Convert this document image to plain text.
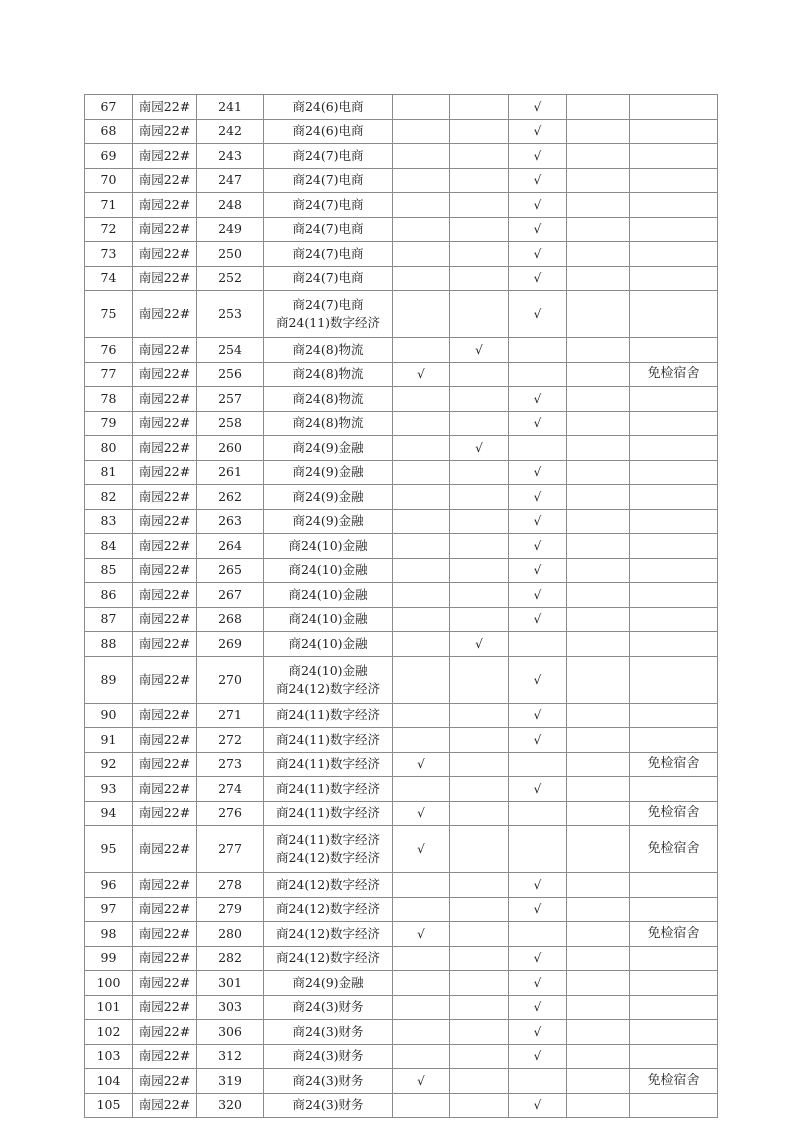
67	南园22#	241	商24(6)电商			√		
68	南园22#	242	商24(6)电商			√		
69	南园22#	243	商24(7)电商			√		
70	南园22#	247	商24(7)电商			√		
71	南园22#	248	商24(7)电商			√		
72	南园22#	249	商24(7)电商			√		
73	南园22#	250	商24(7)电商			√		
74	南园22#	252	商24(7)电商			√		
75	南园22#	253	商24(7)电商
商24(11)数字经济			√		
76	南园22#	254	商24(8)物流		√			
77	南园22#	256	商24(8)物流	√				免检宿舍
78	南园22#	257	商24(8)物流			√		
79	南园22#	258	商24(8)物流			√		
80	南园22#	260	商24(9)金融		√			
81	南园22#	261	商24(9)金融			√		
82	南园22#	262	商24(9)金融			√		
83	南园22#	263	商24(9)金融			√		
84	南园22#	264	商24(10)金融			√		
85	南园22#	265	商24(10)金融			√		
86	南园22#	267	商24(10)金融			√		
87	南园22#	268	商24(10)金融			√		
88	南园22#	269	商24(10)金融		√			
89	南园22#	270	商24(10)金融
商24(12)数字经济			√		
90	南园22#	271	商24(11)数字经济			√		
91	南园22#	272	商24(11)数字经济			√		
92	南园22#	273	商24(11)数字经济	√				免检宿舍
93	南园22#	274	商24(11)数字经济			√		
94	南园22#	276	商24(11)数字经济	√				免检宿舍
95	南园22#	277	商24(11)数字经济
商24(12)数字经济	√				免检宿舍
96	南园22#	278	商24(12)数字经济			√		
97	南园22#	279	商24(12)数字经济			√		
98	南园22#	280	商24(12)数字经济	√				免检宿舍
99	南园22#	282	商24(12)数字经济			√		
100	南园22#	301	商24(9)金融			√		
101	南园22#	303	商24(3)财务			√		
102	南园22#	306	商24(3)财务			√		
103	南园22#	312	商24(3)财务			√		
104	南园22#	319	商24(3)财务	√				免检宿舍
105	南园22#	320	商24(3)财务			√		
